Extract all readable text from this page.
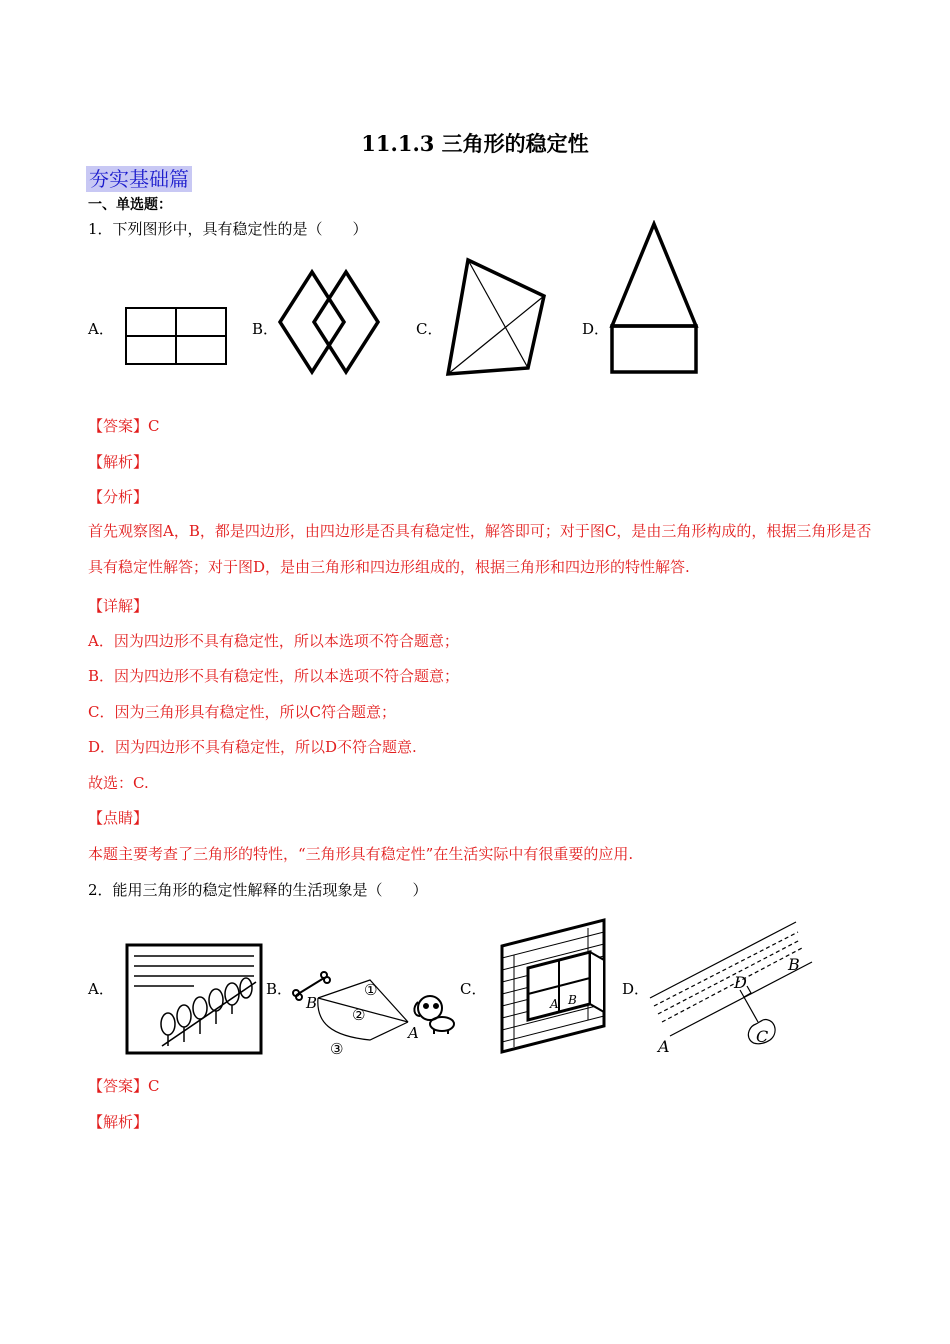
11.1.3 三角形的稳定性
夯实基础篇
一、单选题：
1．下列图形中，具有稳定性的是（　　）
A．	B．	C．	D．
【答案】C
【解析】
【分析】
首先观察图A，B，都是四边形，由四边形是否具有稳定性，解答即可；对于图C，是由三角形构成的，根据三角形是否具有稳定性解答；对于图D，是由三角形和四边形组成的，根据三角形和四边形的特性解答.
【详解】
A．因为四边形不具有稳定性，所以本选项不符合题意；
B．因为四边形不具有稳定性，所以本选项不符合题意；
C．因为三角形具有稳定性，所以C符合题意；
D．因为四边形不具有稳定性，所以D不符合题意.
故选：C.
【点睛】
本题主要考查了三角形的特性，“三角形具有稳定性”在生活实际中有很重要的应用.
2．能用三角形的稳定性解释的生活现象是（　　）
A．	B．
B
A
①
②
③
C．
A B
D．
A
B
D
C
【答案】C
【解析】
